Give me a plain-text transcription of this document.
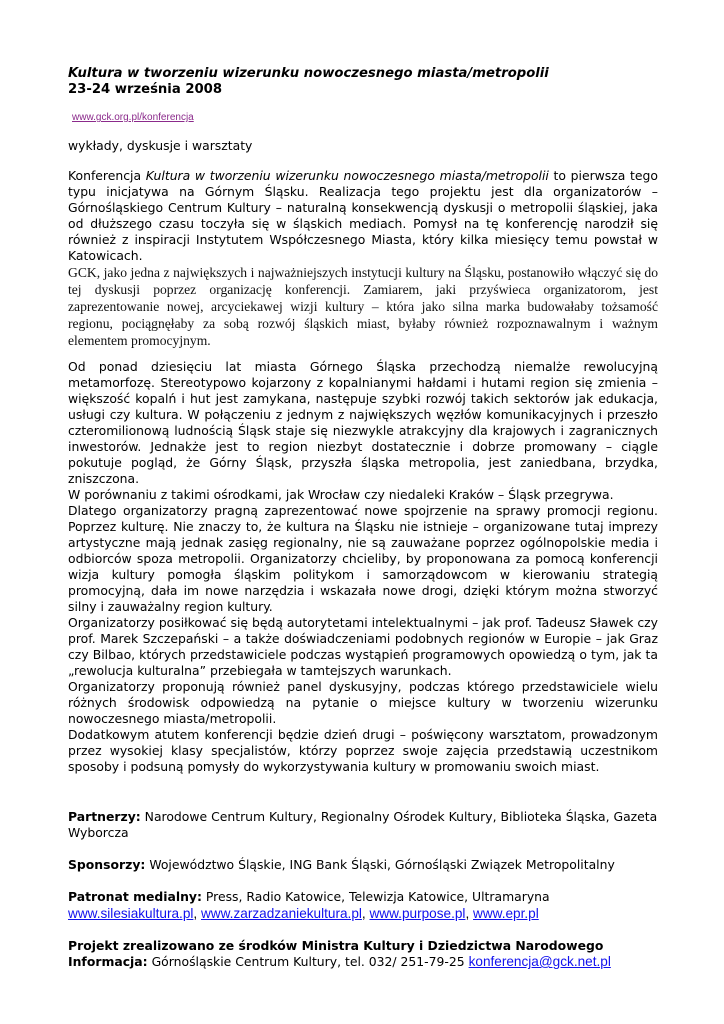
Kultura w tworzeniu wizerunku nowoczesnego miasta/metropolii

23-24 września 2008

www.gck.org.pl/konferencja

wykłady, dyskusje i warsztaty

Konferencja Kultura w tworzeniu wizerunku nowoczesnego miasta/metropolii to pierwsza tego typu inicjatywa na Górnym Śląsku. Realizacja tego projektu jest dla organizatorów – Górnośląskiego Centrum Kultury – naturalną konsekwencją dyskusji o metropolii śląskiej, jaka od dłuższego czasu toczyła się w śląskich mediach. Pomysł na tę konferencję narodził się również z inspiracji Instytutem Współczesnego Miasta, który kilka miesięcy temu powstał w Katowicach.

GCK, jako jedna z największych i najważniejszych instytucji kultury na Śląsku, postanowiło włączyć się do tej dyskusji poprzez organizację konferencji. Zamiarem, jaki przyświeca organizatorom, jest zaprezentowanie nowej, arcyciekawej wizji kultury – która jako silna marka budowałaby tożsamość regionu, pociągnęłaby za sobą rozwój śląskich miast, byłaby również rozpoznawalnym i ważnym elementem promocyjnym.

Od ponad dziesięciu lat miasta Górnego Śląska przechodzą niemalże rewolucyjną metamorfozę. Stereotypowo kojarzony z kopalnianymi hałdami i hutami region się zmienia – większość kopalń i hut jest zamykana, następuje szybki rozwój takich sektorów jak edukacja, usługi czy kultura. W połączeniu z jednym z największych węzłów komunikacyjnych i przeszło czteromilionową ludnością Śląsk staje się niezwykle atrakcyjny dla krajowych i zagranicznych inwestorów. Jednakże jest to region niezbyt dostatecznie i dobrze promowany – ciągle pokutuje pogląd, że Górny Śląsk, przyszła śląska metropolia, jest zaniedbana, brzydka, zniszczona.

W porównaniu z takimi ośrodkami, jak Wrocław czy niedaleki Kraków – Śląsk przegrywa.

Dlatego organizatorzy pragną zaprezentować nowe spojrzenie na sprawy promocji regionu. Poprzez kulturę. Nie znaczy to, że kultura na Śląsku nie istnieje – organizowane tutaj imprezy artystyczne mają jednak zasięg regionalny, nie są zauważane poprzez ogólnopolskie media i odbiorców spoza metropolii. Organizatorzy chcieliby, by proponowana za pomocą konferencji wizja kultury pomogła śląskim politykom i samorządowcom w kierowaniu strategią promocyjną, dała im nowe narzędzia i wskazała nowe drogi, dzięki którym można stworzyć silny i zauważalny region kultury.

Organizatorzy posiłkować się będą autorytetami intelektualnymi – jak prof. Tadeusz Sławek czy prof. Marek Szczepański – a także doświadczeniami podobnych regionów w Europie – jak Graz czy Bilbao, których przedstawiciele podczas wystąpień programowych opowiedzą o tym, jak ta „rewolucja kulturalna” przebiegała w tamtejszych warunkach.

Organizatorzy proponują również panel dyskusyjny, podczas którego przedstawiciele wielu różnych środowisk odpowiedzą na pytanie o miejsce kultury w tworzeniu wizerunku nowoczesnego miasta/metropolii.

Dodatkowym atutem konferencji będzie dzień drugi – poświęcony warsztatom, prowadzonym przez wysokiej klasy specjalistów, którzy poprzez swoje zajęcia przedstawią uczestnikom sposoby i podsuną pomysły do wykorzystywania kultury w promowaniu swoich miast.

Partnerzy: Narodowe Centrum Kultury, Regionalny Ośrodek Kultury, Biblioteka Śląska, Gazeta Wyborcza

Sponsorzy: Województwo Śląskie, ING Bank Śląski, Górnośląski Związek Metropolitalny

Patronat medialny: Press, Radio Katowice, Telewizja Katowice, Ultramaryna

www.silesiakultura.pl, www.zarzadzaniekultura.pl, www.purpose.pl, www.epr.pl

Projekt zrealizowano ze środków Ministra Kultury i Dziedzictwa Narodowego

Informacja: Górnośląskie Centrum Kultury, tel. 032/ 251-79-25 konferencja@gck.net.pl
